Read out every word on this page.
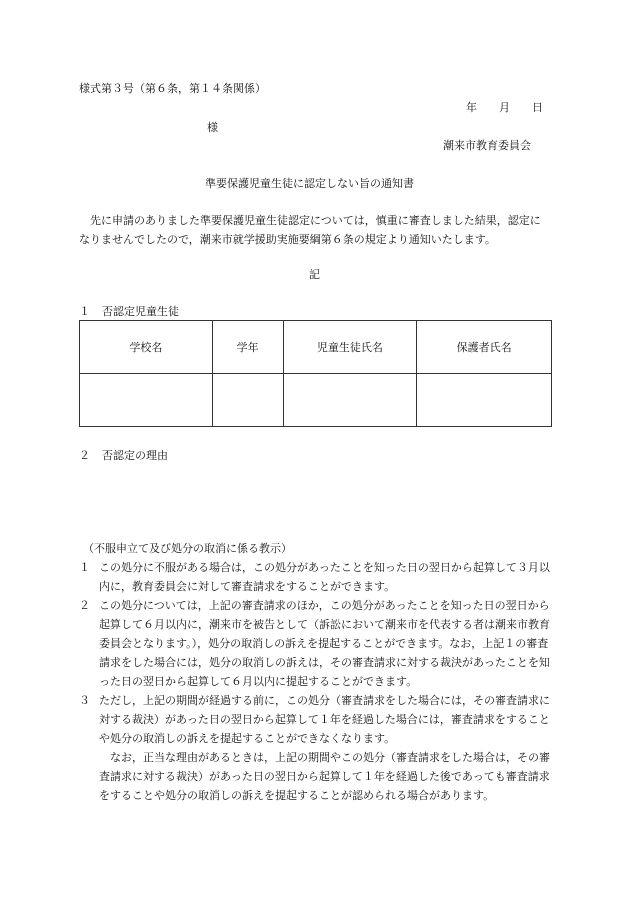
様式第３号（第６条，第１４条関係）
年　　月　　日
様
潮来市教育委員会
準要保護児童生徒に認定しない旨の通知書
先に申請のありました準要保護児童生徒認定については，慎重に審査しました結果，認定になりませんでしたので，潮来市就学援助実施要綱第６条の規定より通知いたします。
記
１ 否認定児童生徒
学校名	学年	児童生徒氏名	保護者氏名

２ 否認定の理由
（不服申立て及び処分の取消に係る教示）
１ この処分に不服がある場合は，この処分があったことを知った日の翌日から起算して３月以内に，教育委員会に対して審査請求をすることができます。
２ この処分については，上記の審査請求のほか，この処分があったことを知った日の翌日から起算して６月以内に，潮来市を被告として（訴訟において潮来市を代表する者は潮来市教育委員会となります。），処分の取消しの訴えを提起することができます。なお，上記１の審査請求をした場合には，処分の取消しの訴えは，その審査請求に対する裁決があったことを知った日の翌日から起算して６月以内に提起することができます。
３ ただし，上記の期間が経過する前に，この処分（審査請求をした場合には，その審査請求に対する裁決）があった日の翌日から起算して１年を経過した場合には，審査請求をすることや処分の取消しの訴えを提起することができなくなります。
なお，正当な理由があるときは，上記の期間やこの処分（審査請求をした場合は，その審査請求に対する裁決）があった日の翌日から起算して１年を経過した後であっても審査請求をすることや処分の取消しの訴えを提起することが認められる場合があります。
